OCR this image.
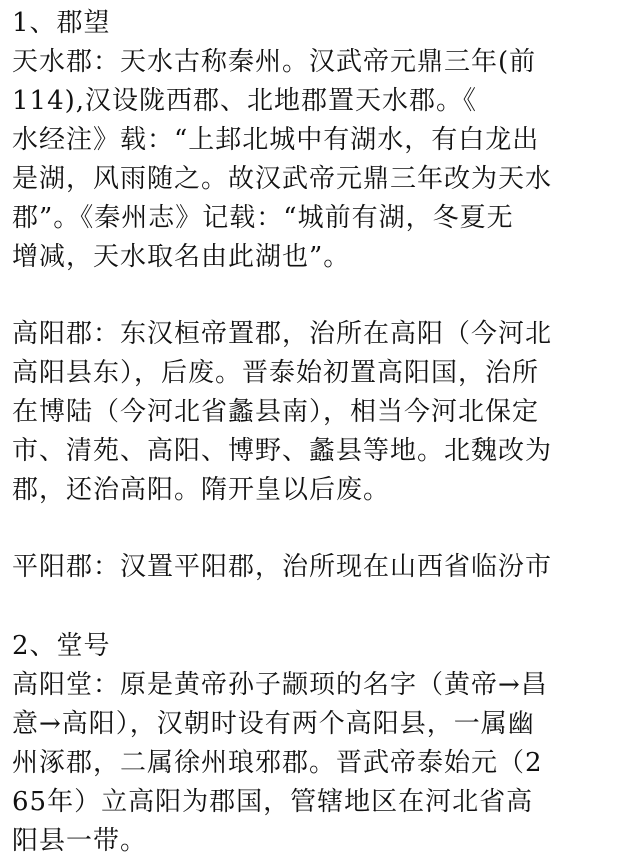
1、郡望
天水郡：天水古称秦州。汉武帝元鼎三年(前
114),汉设陇西郡、北地郡置天水郡。《
水经注》载：“上邽北城中有湖水，有白龙出
是湖，风雨随之。故汉武帝元鼎三年改为天水
郡”。《秦州志》记载：“城前有湖，冬夏无
增减，天水取名由此湖也”。
高阳郡：东汉桓帝置郡，治所在高阳（今河北
高阳县东），后废。晋泰始初置高阳国，治所
在博陆（今河北省蠡县南），相当今河北保定
市、清苑、高阳、博野、蠡县等地。北魏改为
郡，还治高阳。隋开皇以后废。
平阳郡：汉置平阳郡，治所现在山西省临汾市
2、堂号
高阳堂：原是黄帝孙子颛顼的名字（黄帝→昌
意→高阳），汉朝时设有两个高阳县，一属幽
州涿郡，二属徐州琅邪郡。晋武帝泰始元（2
65年）立高阳为郡国，管辖地区在河北省高
阳县一带。
